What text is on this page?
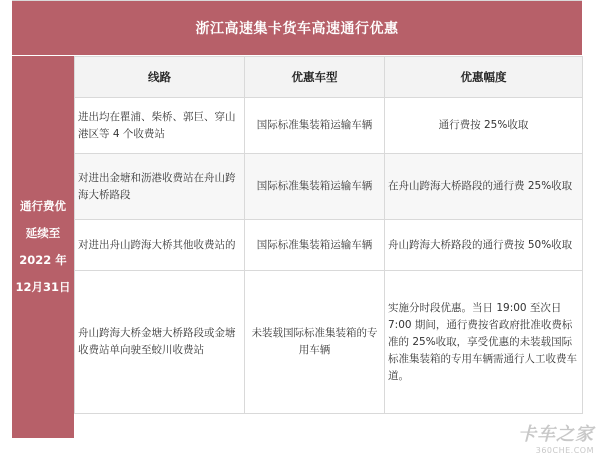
浙江高速集卡货车高速通行优惠
通行费优
延续至
2022 年
12月31日
线路	优惠车型	优惠幅度
进出均在瞿浦、柴桥、郭巨、穿山港区等 4 个收费站	国际标准集装箱运输车辆	通行费按 25%收取
对进出金塘和沥港收费站在舟山跨海大桥路段	国际标准集装箱运输车辆	在舟山跨海大桥路段的通行费 25%收取
对进出舟山跨海大桥其他收费站的	国际标准集装箱运输车辆	舟山跨海大桥路段的通行费按 50%收取
舟山跨海大桥金塘大桥路段或金塘收费站单向驶至蛟川收费站	未装载国际标准集装箱的专用车辆	实施分时段优惠。当日 19:00 至次日 7:00 期间，通行费按省政府批准收费标准的 25%收取，享受优惠的未装载国际标准集装箱的专用车辆需通行人工收费车道。
卡车之家
360CHE.COM
